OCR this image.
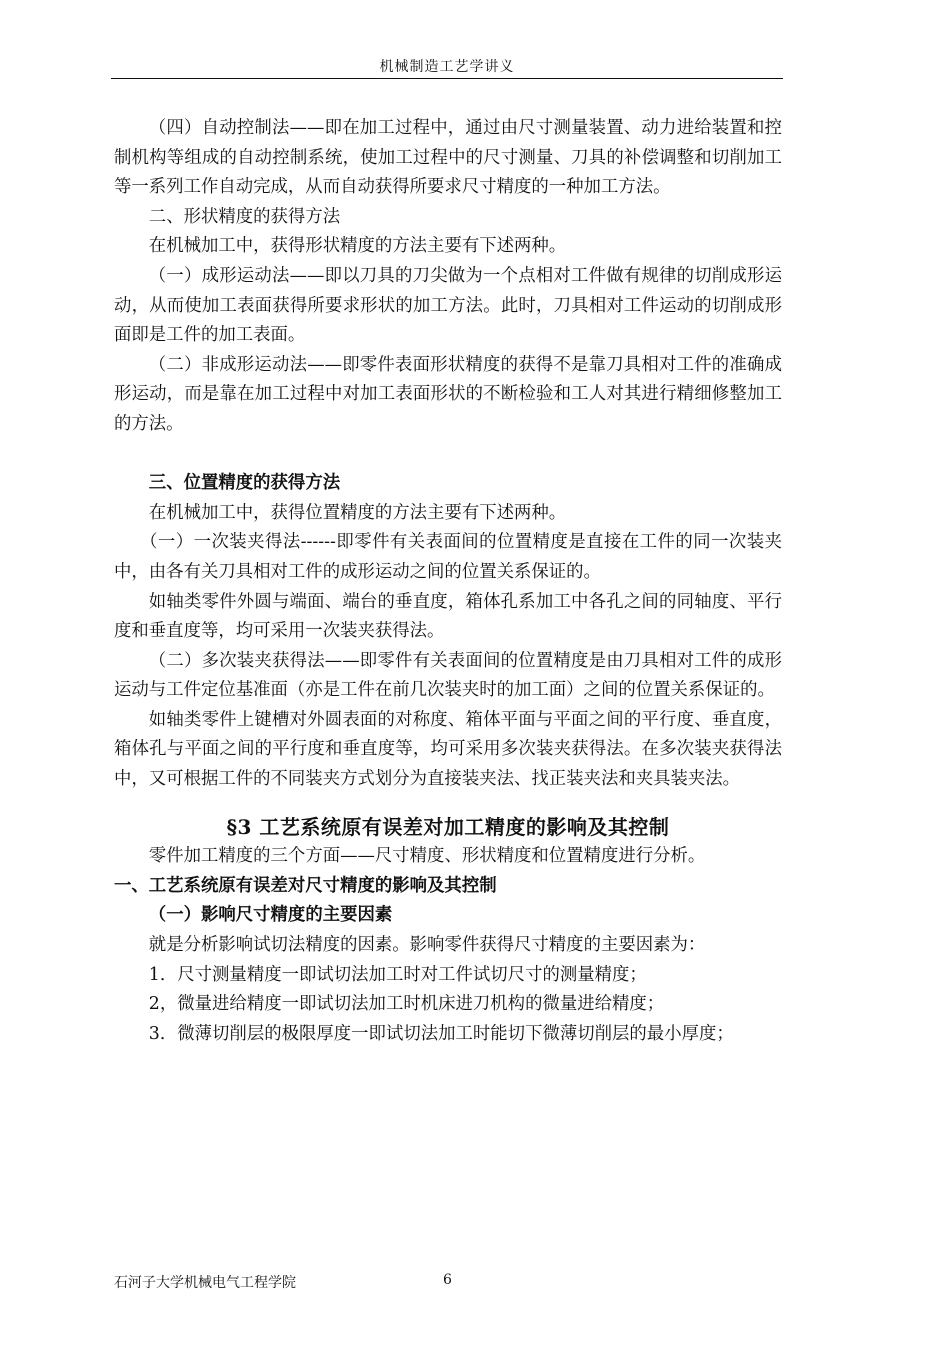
机械制造工艺学讲义

（四）自动控制法——即在加工过程中，通过由尺寸测量装置、动力进给装置和控制机构等组成的自动控制系统，使加工过程中的尺寸测量、刀具的补偿调整和切削加工等一系列工作自动完成，从而自动获得所要求尺寸精度的一种加工方法。

二、形状精度的获得方法

在机械加工中，获得形状精度的方法主要有下述两种。

（一）成形运动法——即以刀具的刀尖做为一个点相对工件做有规律的切削成形运动，从而使加工表面获得所要求形状的加工方法。此时，刀具相对工件运动的切削成形面即是工件的加工表面。

（二）非成形运动法——即零件表面形状精度的获得不是靠刀具相对工件的准确成形运动，而是靠在加工过程中对加工表面形状的不断检验和工人对其进行精细修整加工的方法。

三、位置精度的获得方法

在机械加工中，获得位置精度的方法主要有下述两种。

（一）一次装夹得法------即零件有关表面间的位置精度是直接在工件的同一次装夹中，由各有关刀具相对工件的成形运动之间的位置关系保证的。

如轴类零件外圆与端面、端台的垂直度，箱体孔系加工中各孔之间的同轴度、平行度和垂直度等，均可采用一次装夹获得法。

（二）多次装夹获得法——即零件有关表面间的位置精度是由刀具相对工件的成形运动与工件定位基准面（亦是工件在前几次装夹时的加工面）之间的位置关系保证的。

如轴类零件上键槽对外圆表面的对称度、箱体平面与平面之间的平行度、垂直度，箱体孔与平面之间的平行度和垂直度等，均可采用多次装夹获得法。在多次装夹获得法中，又可根据工件的不同装夹方式划分为直接装夹法、找正装夹法和夹具装夹法。

§3 工艺系统原有误差对加工精度的影响及其控制

零件加工精度的三个方面——尺寸精度、形状精度和位置精度进行分析。

一、工艺系统原有误差对尺寸精度的影响及其控制

（一）影响尺寸精度的主要因素

就是分析影响试切法精度的因素。影响零件获得尺寸精度的主要因素为：

1．尺寸测量精度一即试切法加工时对工件试切尺寸的测量精度；

2，微量进给精度一即试切法加工时机床进刀机构的微量进给精度；

3．微薄切削层的极限厚度一即试切法加工时能切下微薄切削层的最小厚度；

石河子大学机械电气工程学院	6
